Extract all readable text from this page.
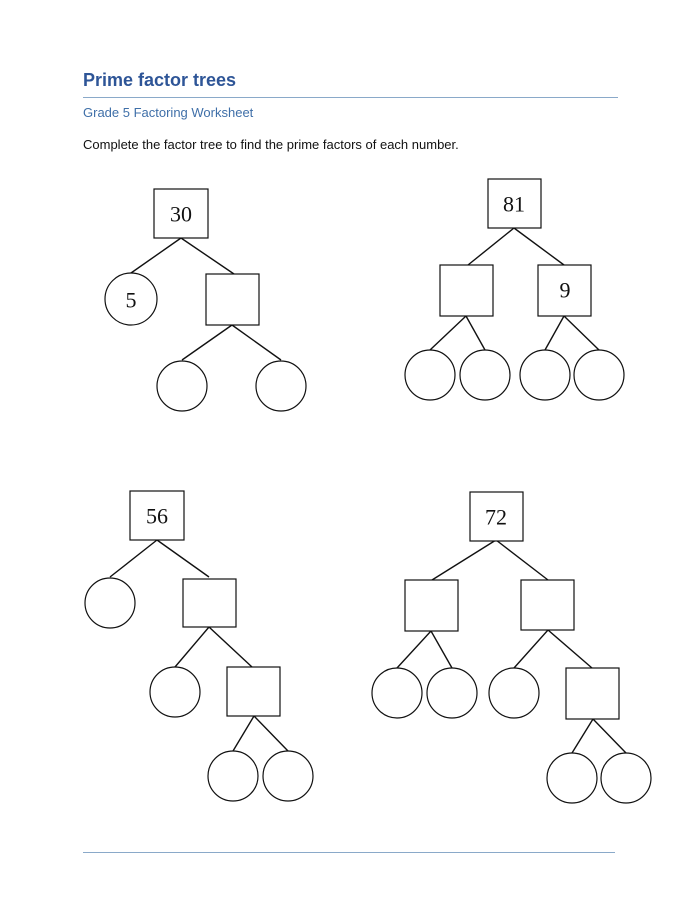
Prime factor trees
Grade 5 Factoring Worksheet
Complete the factor tree to find the prime factors of each number.
30
5
81
9
56	72
